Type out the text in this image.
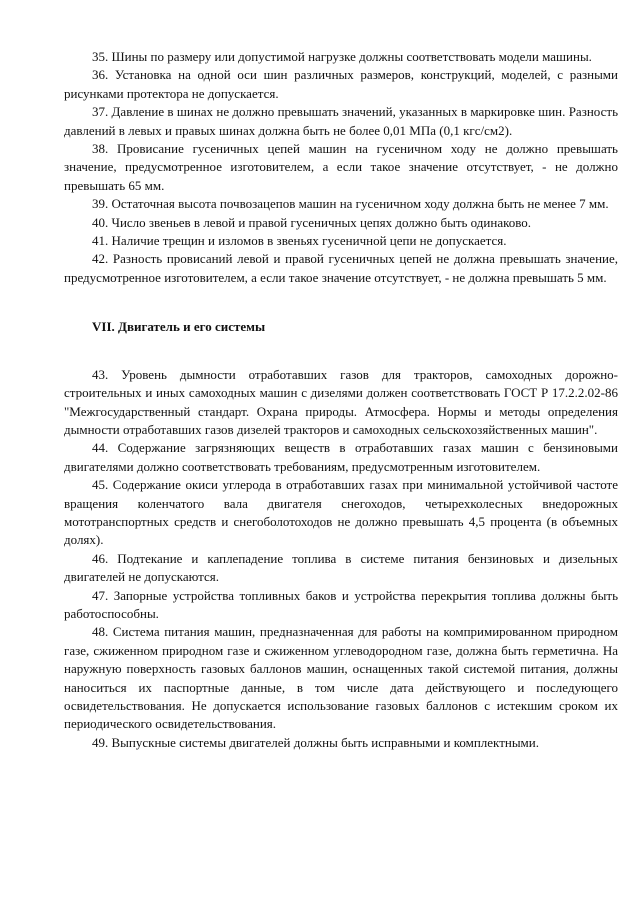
35. Шины по размеру или допустимой нагрузке должны соответствовать модели машины.

36. Установка на одной оси шин различных размеров, конструкций, моделей, с разными рисунками протектора не допускается.

37. Давление в шинах не должно превышать значений, указанных в маркировке шин. Разность давлений в левых и правых шинах должна быть не более 0,01 МПа (0,1 кгс/см2).

38. Провисание гусеничных цепей машин на гусеничном ходу не должно превышать значение, предусмотренное изготовителем, а если такое значение отсутствует, - не должно превышать 65 мм.

39. Остаточная высота почвозацепов машин на гусеничном ходу должна быть не менее 7 мм.

40. Число звеньев в левой и правой гусеничных цепях должно быть одинаково.

41. Наличие трещин и изломов в звеньях гусеничной цепи не допускается.

42. Разность провисаний левой и правой гусеничных цепей не должна превышать значение, предусмотренное изготовителем, а если такое значение отсутствует, - не должна превышать 5 мм.

VII. Двигатель и его системы

43. Уровень дымности отработавших газов для тракторов, самоходных дорожно-строительных и иных самоходных машин с дизелями должен соответствовать ГОСТ Р 17.2.2.02-86 "Межгосударственный стандарт. Охрана природы. Атмосфера. Нормы и методы определения дымности отработавших газов дизелей тракторов и самоходных сельскохозяйственных машин".

44. Содержание загрязняющих веществ в отработавших газах машин с бензиновыми двигателями должно соответствовать требованиям, предусмотренным изготовителем.

45. Содержание окиси углерода в отработавших газах при минимальной устойчивой частоте вращения коленчатого вала двигателя снегоходов, четырехколесных внедорожных мототранспортных средств и снегоболотоходов не должно превышать 4,5 процента (в объемных долях).

46. Подтекание и каплепадение топлива в системе питания бензиновых и дизельных двигателей не допускаются.

47. Запорные устройства топливных баков и устройства перекрытия топлива должны быть работоспособны.

48. Система питания машин, предназначенная для работы на компримированном природном газе, сжиженном природном газе и сжиженном углеводородном газе, должна быть герметична. На наружную поверхность газовых баллонов машин, оснащенных такой системой питания, должны наноситься их паспортные данные, в том числе дата действующего и последующего освидетельствования. Не допускается использование газовых баллонов с истекшим сроком их периодического освидетельствования.

49. Выпускные системы двигателей должны быть исправными и комплектными.
